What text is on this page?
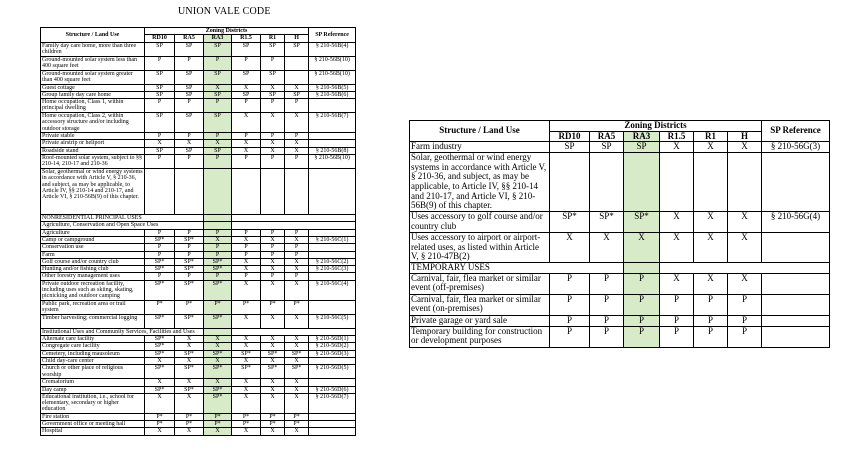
UNION VALE CODE
Structure / Land Use	Zoning Districts						SP Reference
	RD10	RA5	RA3	R1.5	R1	H	
Family day care home, more than three children	SP	SP	SP	SP	SP	SP	§ 210-56B(4)
Ground-mounted solar system less than 400 square feet	P	P	P	P	P		§ 210-56B(10)
Ground-mounted solar system greater than 400 square feet	SP	SP	SP	SP	SP		§ 210-56B(10)
Guest cottage	SP	SP	X	X	X	X	§ 210-56B(5)
Group family day care home	SP	SP	SP	SP	SP	SP	§ 210-56B(6)
Home occupation, Class 1, within principal dwelling	P	P	P	P	P	P	
Home occupation, Class 2, within accessory structure and/or including outdoor storage	SP	SP	SP	X	X	X	§ 210-56B(7)
Private stable	P	P	P	P	P	P	
Private airstrip or heliport	X	X	X	X	X	X	
Roadside stand	SP	SP	SP	X	X	X	§ 210-56B(8)
Roof-mounted solar system, subject to §§ 210-14, 210-17 and 210-36	P	P	P	P	P	P	§ 210-56B(10)
Solar, geothermal or wind energy systems in accordance with Article V, § 210-36, and subject, as may be applicable, to Article IV, §§ 210-14 and 210-17, and Article VI, § 210-56B(9) of this chapter.							
NONRESIDENTIAL PRINCIPAL USES							
Agriculture, Conservation and Open Space Uses							
Agriculture	P	P	P	P	P	P	
Camp or campground	SP*	SP*	X	X	X	X	§ 210-56C(1)
Conservation use	P	P	P	P	P	P	
Farm	P	P	P	P	P	P	
Golf course and/or country club	SP*	SP*	SP*	X	X	X	§ 210-56C(2)
Hunting and/or fishing club	SP*	SP*	SP*	X	X	X	§ 210-56C(3)
Other forestry management uses	P	P	P	P	P	P	
Private outdoor recreation facility, including uses such as skiing, skating, picnicking and outdoor camping	SP*	SP*	SP*	X	X	X	§ 210-56C(4)
Public park, recreation area or trail system	P*	P*	P*	P*	P*	P*	
Timber harvesting; commercial logging	SP*	SP*	SP*	X	X	X	§ 210-56C(5)
Institutional Uses and Community Services, Facilities and Uses							
Alternate care facility	SP*	X	X	X	X	X	§ 210-56D(1)
Congregate care facility	SP*	X	X	X	X	X	§ 210-56D(2)
Cemetery, including mausoleum	SP*	SP*	SP*	SP*	SP*	SP*	§ 210-56D(3)
Child day-care center	X	X	X	X	X	X	
Church or other place of religious worship	SP*	SP*	SP*	SP*	SP*	SP*	§ 210-56D(5)
Crematorium	X	X	X	X	X	X	
Day camp	SP*	SP*	SP*	X	X	X	§ 210-56D(6)
Educational institution, i.e., school for elementary, secondary or higher education	X	X	SP*	X	X	X	§ 210-56D(7)
Fire station	P*	P*	P*	P*	P*	P*	
Government office or meeting hall	P*	P*	P*	P*	P*	P*	
Hospital	X	X	X	X	X	X	
Structure / Land Use	Zoning Districts						SP Reference
	RD10	RA5	RA3	R1.5	R1	H	
Farm industry	SP	SP	SP	X	X	X	§ 210-56G(3)
Solar, geothermal or wind energy systems in accordance with Article V, § 210-36, and subject, as may be applicable, to Article IV, §§ 210-14 and 210-17, and Article VI, § 210-56B(9) of this chapter.							
Uses accessory to golf course and/or country club	SP*	SP*	SP*	X	X	X	§ 210-56G(4)
Uses accessory to airport or airport-related uses, as listed within Article V, § 210-47B(2)	X	X	X	X	X	X	
TEMPORARY USES							
Carnival, fair, flea market or similar event (off-premises)	P	P	P	X	X	X	
Carnival, fair, flea market or similar event (on-premises)	P	P	P	P	P	P	
Private garage or yard sale	P	P	P	P	P	P	
Temporary building for construction or development purposes	P	P	P	P	P	P	
